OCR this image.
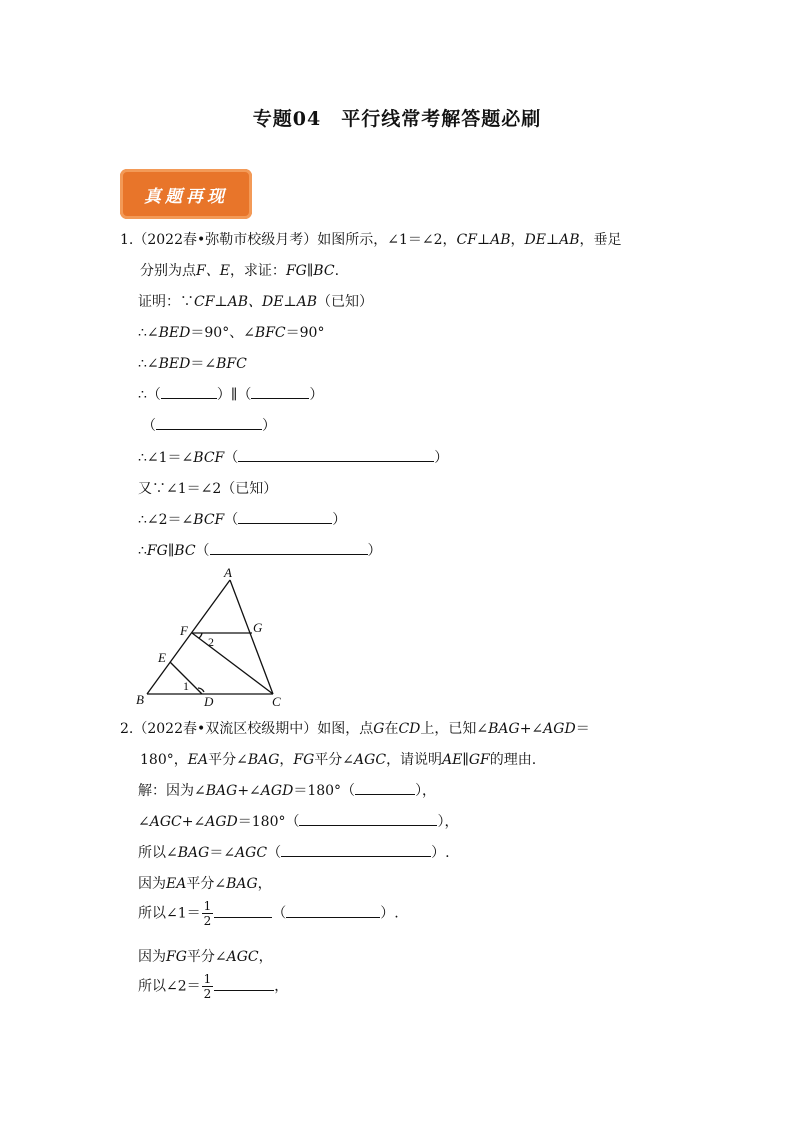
专题04　平行线常考解答题必刷
真题再现
1.（2022春•弥勒市校级月考）如图所示，∠1＝∠2，CF⊥AB，DE⊥AB，垂足
分别为点F、E，求证：FG∥BC.
证明：∵CF⊥AB、DE⊥AB（已知）
∴∠BED＝90°、∠BFC＝90°
∴∠BED＝∠BFC
∴（	）∥（	）
（	）
∴∠1＝∠BCF（	）
又∵∠1＝∠2（已知）
∴∠2＝∠BCF（	）
∴FG∥BC（	）
A
B	C
D
E
F	G
2
1
2.（2022春•双流区校级期中）如图，点G在CD上，已知∠BAG+∠AGD＝
180°，EA平分∠BAG，FG平分∠AGC，请说明AE∥GF的理由.
解：因为∠BAG+∠AGD＝180°（	），
∠AGC+∠AGD＝180°（	），
所以∠BAG＝∠AGC（	）.
因为EA平分∠BAG，
所以∠1＝ $\frac{1}{2}$	（	）.
因为FG平分∠AGC，
所以∠2＝ $\frac{1}{2}$	，
